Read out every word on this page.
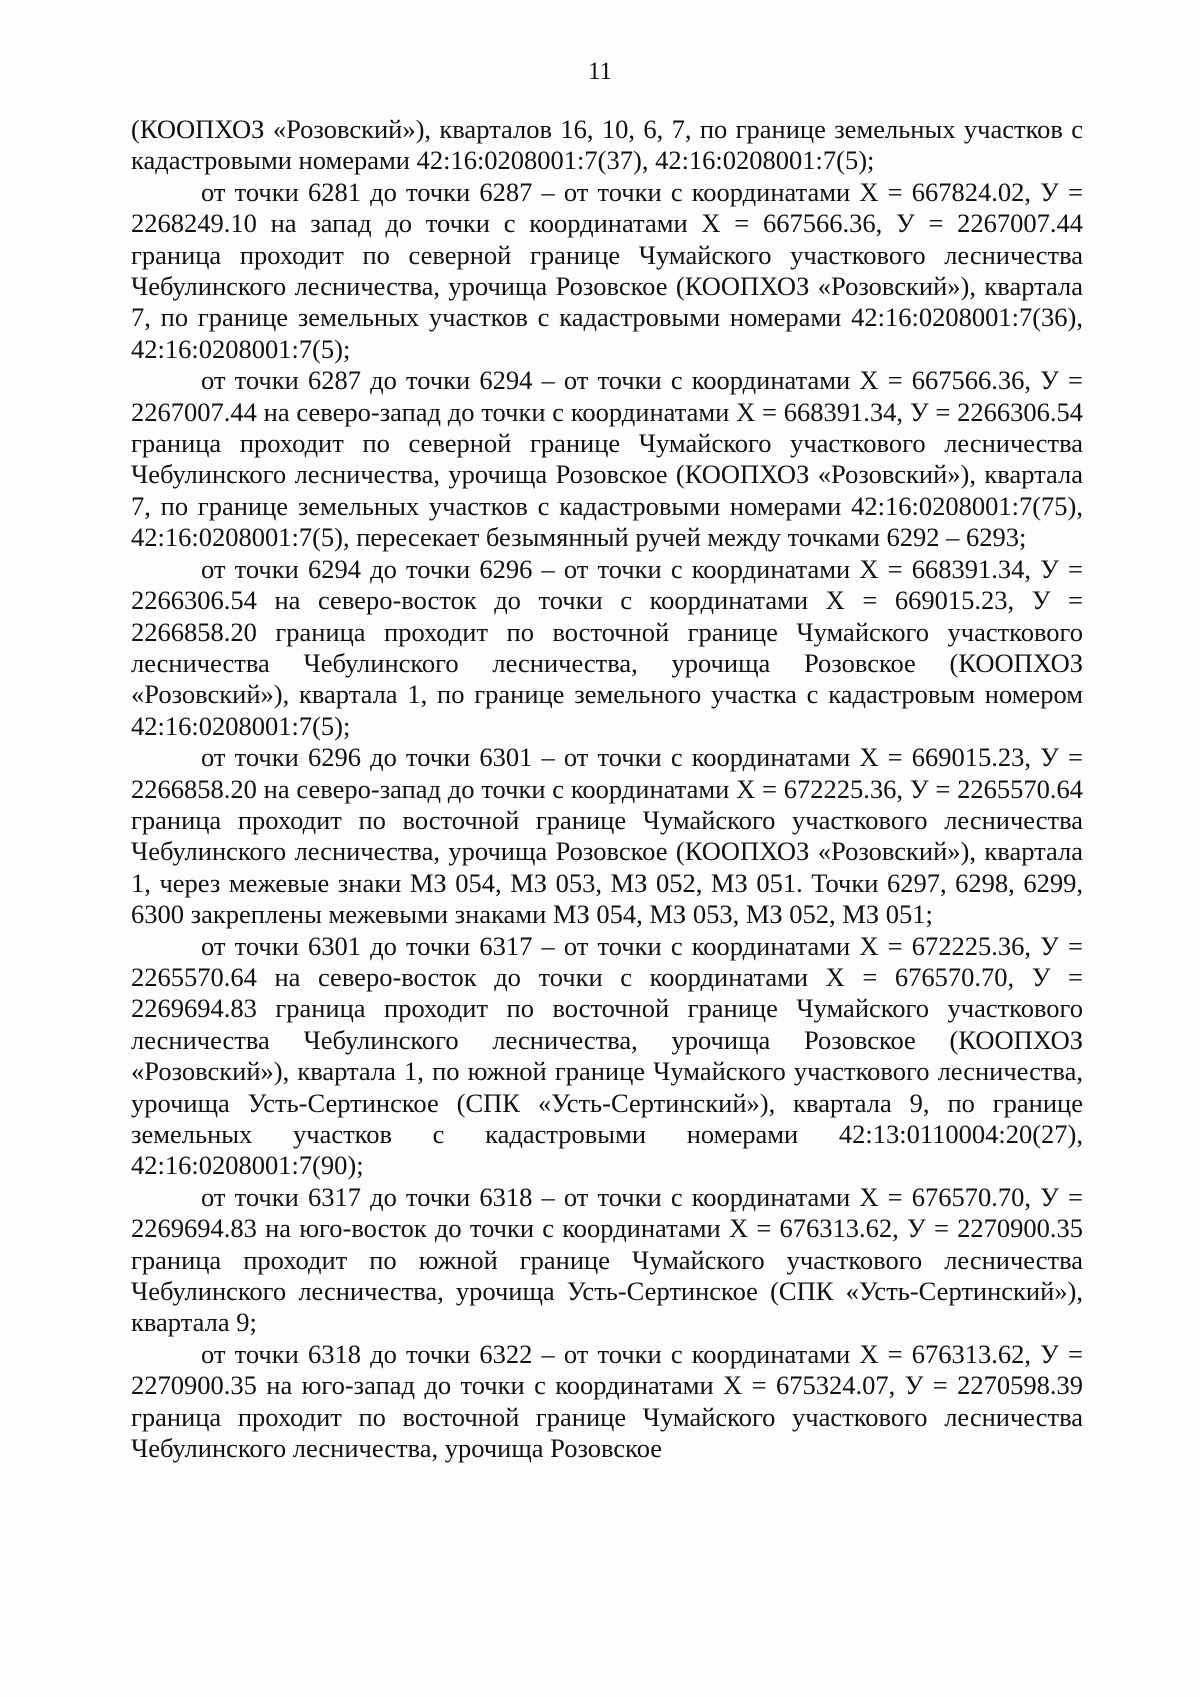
11

(КООПХОЗ «Розовский»), кварталов 16, 10, 6, 7, по границе земельных участков с кадастровыми номерами 42:16:0208001:7(37), 42:16:0208001:7(5);

от точки 6281 до точки 6287 – от точки с координатами X = 667824.02, У = 2268249.10 на запад до точки с координатами X = 667566.36, У = 2267007.44 граница проходит по северной границе Чумайского участкового лесничества Чебулинского лесничества, урочища Розовское (КООПХОЗ «Розовский»), квартала 7, по границе земельных участков с кадастровыми номерами 42:16:0208001:7(36), 42:16:0208001:7(5);

от точки 6287 до точки 6294 – от точки с координатами X = 667566.36, У = 2267007.44 на северо-запад до точки с координатами X = 668391.34, У = 2266306.54 граница проходит по северной границе Чумайского участкового лесничества Чебулинского лесничества, урочища Розовское (КООПХОЗ «Розовский»), квартала 7, по границе земельных участков с кадастровыми номерами 42:16:0208001:7(75), 42:16:0208001:7(5), пересекает безымянный ручей между точками 6292 – 6293;

от точки 6294 до точки 6296 – от точки с координатами X = 668391.34, У = 2266306.54 на северо-восток до точки с координатами X = 669015.23, У = 2266858.20 граница проходит по восточной границе Чумайского участкового лесничества Чебулинского лесничества, урочища Розовское (КООПХОЗ «Розовский»), квартала 1, по границе земельного участка с кадастровым номером 42:16:0208001:7(5);

от точки 6296 до точки 6301 – от точки с координатами X = 669015.23, У = 2266858.20 на северо-запад до точки с координатами X = 672225.36, У = 2265570.64 граница проходит по восточной границе Чумайского участкового лесничества Чебулинского лесничества, урочища Розовское (КООПХОЗ «Розовский»), квартала 1, через межевые знаки МЗ 054, МЗ 053, МЗ 052, МЗ 051. Точки 6297, 6298, 6299, 6300 закреплены межевыми знаками МЗ 054, МЗ 053, МЗ 052, МЗ 051;

от точки 6301 до точки 6317 – от точки с координатами X = 672225.36, У = 2265570.64 на северо-восток до точки с координатами X = 676570.70, У = 2269694.83 граница проходит по восточной границе Чумайского участкового лесничества Чебулинского лесничества, урочища Розовское (КООПХОЗ «Розовский»), квартала 1, по южной границе Чумайского участкового лесничества, урочища Усть-Сертинское (СПК «Усть-Сертинский»), квартала 9, по границе земельных участков с кадастровыми номерами 42:13:0110004:20(27), 42:16:0208001:7(90);

от точки 6317 до точки 6318 – от точки с координатами X = 676570.70, У = 2269694.83 на юго-восток до точки с координатами X = 676313.62, У = 2270900.35 граница проходит по южной границе Чумайского участкового лесничества Чебулинского лесничества, урочища Усть-Сертинское (СПК «Усть-Сертинский»), квартала 9;

от точки 6318 до точки 6322 – от точки с координатами X = 676313.62, У = 2270900.35 на юго-запад до точки с координатами X = 675324.07, У = 2270598.39 граница проходит по восточной границе Чумайского участкового лесничества Чебулинского лесничества, урочища Розовское
